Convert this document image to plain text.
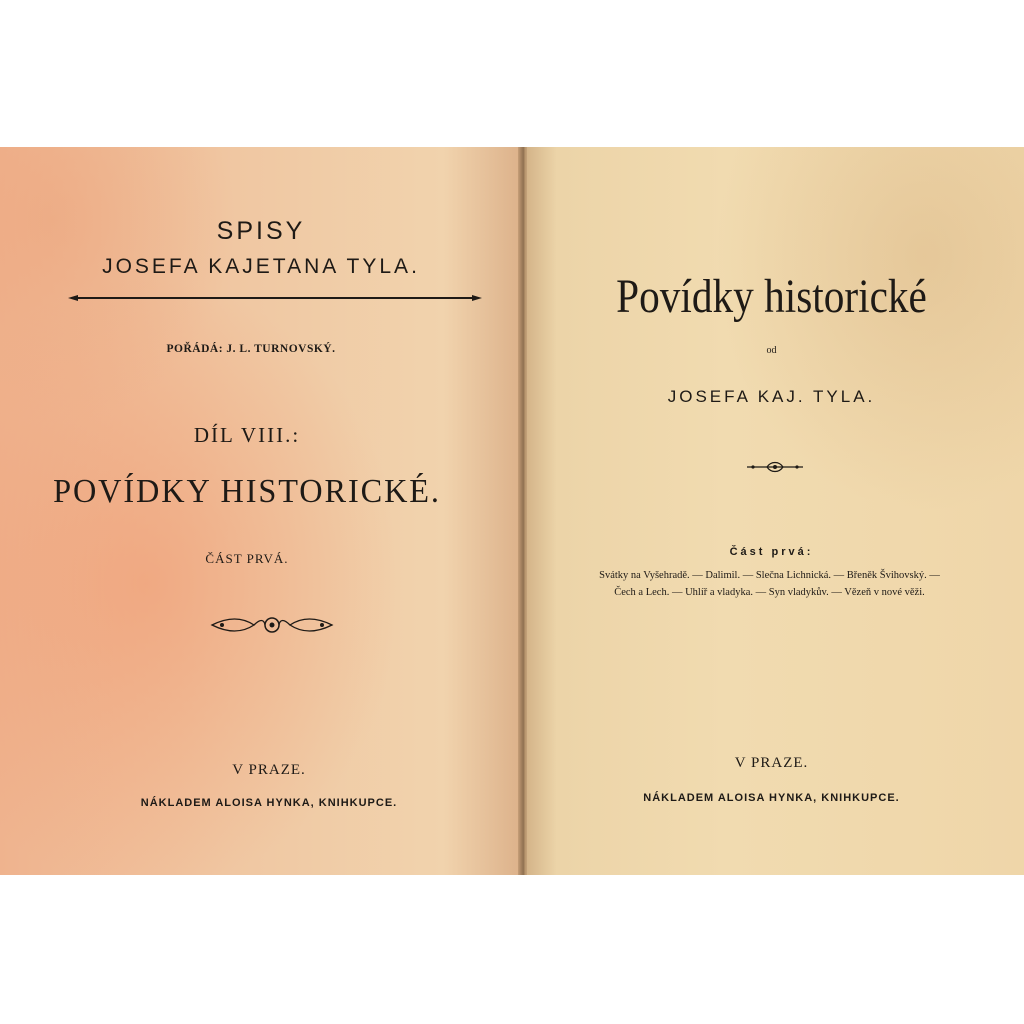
SPISY
JOSEFA KAJETANA TYLA.
POŘÁDÁ: J. L. TURNOVSKÝ.
DÍL VIII.:
POVÍDKY HISTORICKÉ.
ČÁST PRVÁ.
V PRAZE.
NÁKLADEM ALOISA HYNKA, KNIHKUPCE.
Povídky historické
od
JOSEFA KAJ. TYLA.
Část prvá:
Svátky na Vyšehradě. — Dalimil. — Slečna Lichnická. — Břeněk Švihovský. —
Čech a Lech. — Uhlíř a vladyka. — Syn vladykův. — Vězeň v nové věži.
V PRAZE.
NÁKLADEM ALOISA HYNKA, KNIHKUPCE.
